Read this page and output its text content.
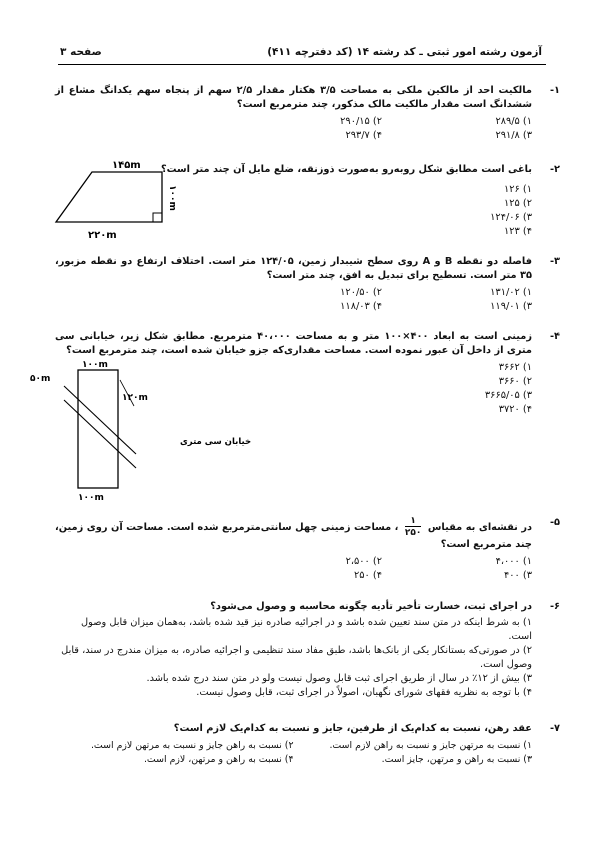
آزمون رشته امور ثبتی ـ کد رشته ۱۴ (کد دفترچه ۴۱۱)
صفحه ۳
۱-
مالکیت احد از مالکین ملکی به مساحت ۳/۵ هکتار مقدار ۲/۵ سهم از پنجاه سهم یکدانگ مشاع از ششدانگ است مقدار مالکیت مالک مذکور، چند مترمربع است؟
۱) ۲۸۹/۵
۲) ۲۹۰/۱۵
۳) ۲۹۱/۸
۴) ۲۹۳/۷
۲-
باغی است مطابق شکل روبه‌رو به‌صورت ذوزنقه، ضلع مایل آن چند متر است؟
۱) ۱۲۶
۲) ۱۲۵
۳) ۱۲۴/۰۶
۴) ۱۲۳
۱۴۵m
۱۰۰m
۲۲۰m
۳-
فاصله دو نقطه B و A روی سطح شیبدار زمین، ۱۲۴/۰۵ متر است. اختلاف ارتفاع دو نقطه مزبور، ۳۵ متر است. تسطیح برای تبدیل به افق، چند متر است؟
۱) ۱۳۱/۰۲
۲) ۱۲۰/۵۰
۳) ۱۱۹/۰۱
۴) ۱۱۸/۰۳
۴-
زمینی است به ابعاد ۴۰۰×۱۰۰ متر و به مساحت ۴۰،۰۰۰ مترمربع. مطابق شکل زیر، خیابانی سی متری از داخل آن عبور نموده است. مساحت مقداری‌که جزو خیابان شده است، چند مترمربع است؟
۱) ۳۶۶۲
۲) ۳۶۶۰
۳) ۳۶۶۵/۰۵
۴) ۳۷۲۰
۱۰۰m
۵۰m
۱۲۰m
خیابان سی متری
۱۰۰m
۵-
در نقشه‌ای به مقیاس
۱
۲۵۰
، مساحت زمینی چهل سانتی‌مترمربع شده است. مساحت آن روی زمین، چند مترمربع است؟
۱) ۴،۰۰۰
۲) ۲،۵۰۰
۳) ۴۰۰
۴) ۲۵۰
۶-
در اجرای ثبت، خسارت تأخیر تأدیه چگونه محاسبه و وصول می‌شود؟
۱) به شرط اینکه در متن سند تعیین شده باشد و در اجرائیه صادره نیز قید شده باشد، به‌همان میزان قابل وصول است.
۲) در صورتی‌که بستانکار یکی از بانک‌ها باشد، طبق مفاد سند تنظیمی و اجرائیه صادره، به میزان مندرج در سند، قابل وصول است.
۳) بیش از ۱۲٪ در سال از طریق اجرای ثبت قابل وصول نیست ولو در متن سند درج شده باشد.
۴) با توجه به نظریه فقهای شورای نگهبان، اصولاً در اجرای ثبت، قابل وصول نیست.
۷-
عقد رهن، نسبت به کدام‌یک از طرفین، جایز و نسبت به کدام‌یک لازم است؟
۱) نسبت به مرتهن جایز و نسبت به راهن لازم است.
۲) نسبت به راهن جایز و نسبت به مرتهن لازم است.
۳) نسبت به راهن و مرتهن، جایز است.
۴) نسبت به راهن و مرتهن، لازم است.
